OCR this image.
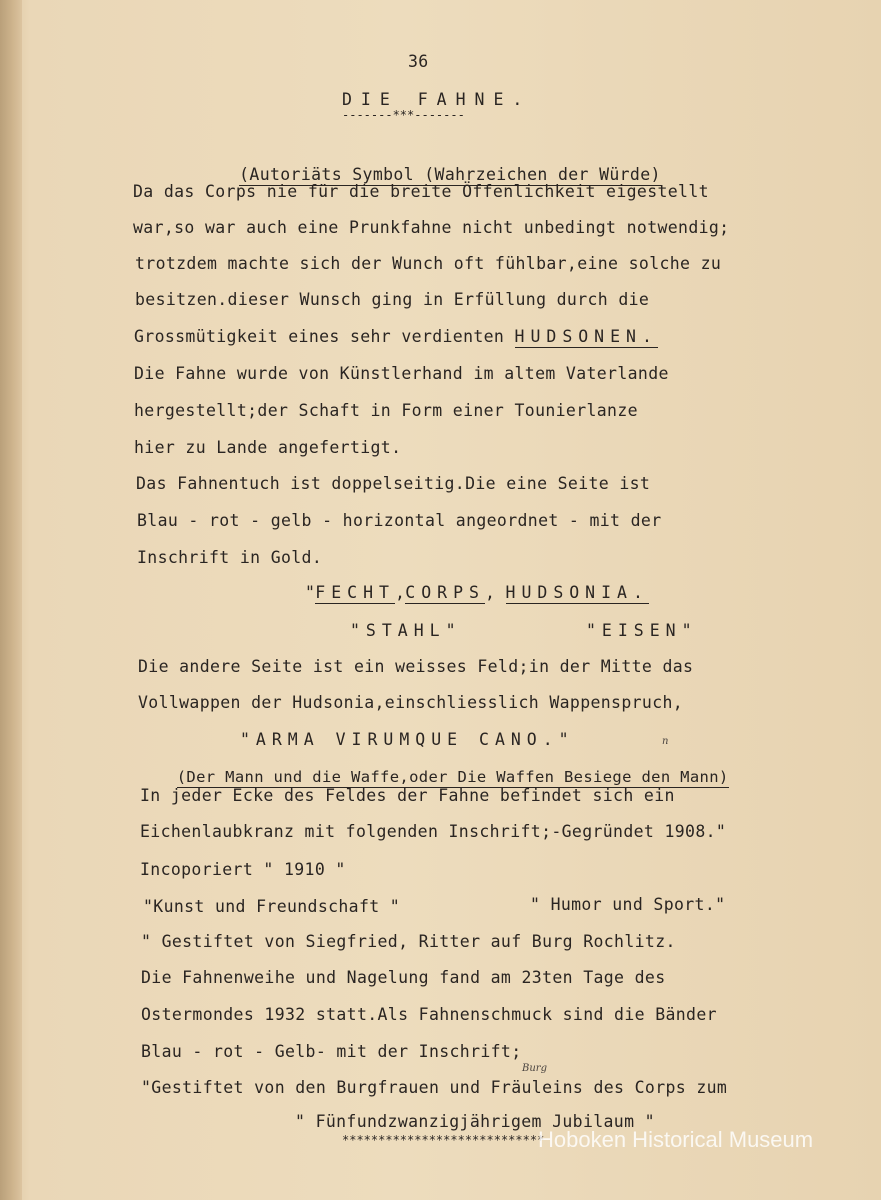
36
DIE FAHNE.
-------***-------

(Autoriäts Symbol (Wahrzeichen der Würde)

Da das Corps nie für die breite Öffenlichkeit eigestellt
war,so war auch eine Prunkfahne nicht unbedingt notwendig;
trotzdem machte sich der Wunch oft fühlbar,eine solche zu
besitzen.dieser Wunsch ging in Erfüllung durch die
Grossmütigkeit eines sehr verdienten HUDSONEN.
Die Fahne wurde von Künstlerhand im altem Vaterlande
hergestellt;der Schaft in Form einer Tounierlanze
hier zu Lande angefertigt.
Das Fahnentuch ist doppelseitig.Die eine Seite ist
Blau - rot - gelb - horizontal angeordnet - mit der
Inschrift in Gold.
"FECHT,CORPS, HUDSONIA.
"STAHL"	"EISEN"
Die andere Seite ist ein weisses Feld;in der Mitte das
Vollwappen der Hudsonia,einschliesslich Wappenspruch,
"ARMA VIRUMQUE CANO."

(Der Mann und die Waffe,oder Die Waffen Besiege den Mann)

n
In jeder Ecke des Feldes der Fahne befindet sich ein
Eichenlaubkranz mit folgenden Inschrift;-Gegründet 1908."
Incoporiert " 1910 "
"Kunst und Freundschaft "	" Humor und Sport."
" Gestiftet von Siegfried, Ritter auf Burg Rochlitz.
Die Fahnenweihe und Nagelung fand am 23ten Tage des
Ostermondes 1932 statt.Als Fahnenschmuck sind die Bänder
Blau - rot - Gelb- mit der Inschrift;
Burg
"Gestiftet von den Burgfrauen und Fräuleins des Corps zum
" Fünfundzwanzigjährigem Jubilaum "
****************************
Hoboken Historical Museum
